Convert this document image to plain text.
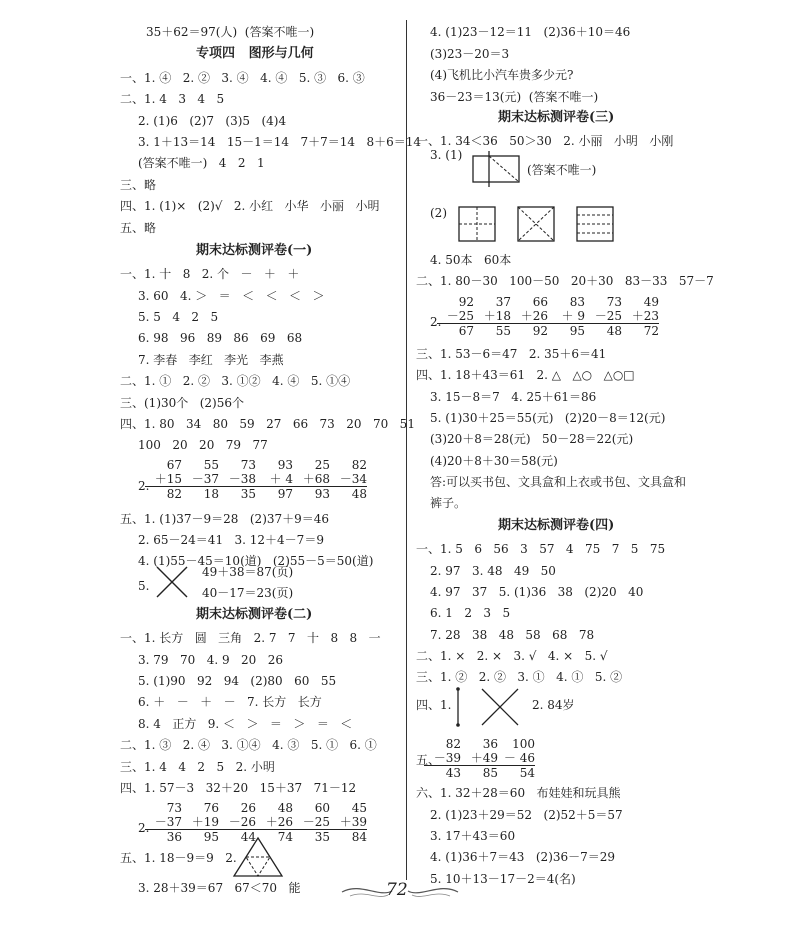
35＋62＝97(人)  (答案不唯一)
专项四   图形与几何
一、1. ④   2. ②   3. ④   4. ④   5. ③   6. ③
二、1. 4   3   4   5
2. (1)6   (2)7   (3)5   (4)4
3. 1＋13＝14   15－1＝14   7＋7＝14   8＋6＝14
(答案不唯一)   4   2   1
三、略
四、1. (1)×   (2)√   2. 小红   小华   小丽   小明
五、略
期末达标测评卷(一)
一、1. 十   8   2. 个   －   ＋   ＋
3. 60   4. ＞   ＝   ＜   ＜   ＜   ＞
5. 5   4   2   5
6. 98   96   89   86   69   68
7. 李春   李红   李光   李燕
二、1. ①   2. ②   3. ①②   4. ④   5. ①④
三、(1)30个   (2)56个
四、1. 80   34   80   59   27   66   73   20   70   51
100   20   20   79   77
2.
67	55	73	93	25	82
＋15 －37 －38	＋ 4 ＋68 －34
82	18	35	97	93	48
五、1. (1)37－9＝28   (2)37＋9＝46
2. 65－24＝41   3. 12＋4－7＝9
4. (1)55－45＝10(道)   (2)55－5＝50(道)
5.
49＋38＝87(页)
40－17＝23(页)
期末达标测评卷(二)
一、1. 长方   圆   三角   2. 7   7   十   8   8   一
3. 79   70   4. 9   20   26
5. (1)90   92   94   (2)80   60   55
6. ＋   －   ＋   －   7. 长方   长方
8. 4   正方   9. ＜   ＞   ＝   ＞   ＝   ＜
二、1. ③   2. ④   3. ①④   4. ③   5. ①   6. ①
三、1. 4   4   2   5   2. 小明
四、1. 57－3   32＋20   15＋37   71－12
2.
73	76	26	48	60	45
－37 ＋19 －26 ＋26 －25 ＋39
36	95	44	74	35	84
五、1. 18－9＝9   2.
3. 28＋39＝67   67＜70   能
4. (1)23－12＝11   (2)36＋10＝46
(3)23－20＝3
(4)飞机比小汽车贵多少元?
36－23＝13(元)  (答案不唯一)
期末达标测评卷(三)
一、1. 34＜36   50＞30   2. 小丽   小明   小刚
3. (1)
(答案不唯一)
(2)
4. 50本   60本
二、1. 80－30   100－50   20＋30   83－33   57－7
2.
92	37	66	83	73	49
－25 ＋18 ＋26	＋ 9 －25 ＋23
67	55	92	95	48	72
三、1. 53－6＝47   2. 35＋6＝41
四、1. 18＋43＝61   2. △   △○   △○□
3. 15－8＝7   4. 25＋61＝86
5. (1)30＋25＝55(元)   (2)20－8＝12(元)
(3)20＋8＝28(元)   50－28＝22(元)
(4)20＋8＋30＝58(元)
答:可以买书包、文具盒和上衣或书包、文具盒和
裤子。
期末达标测评卷(四)
一、1. 5   6   56   3   57   4   75   7   5   75
2. 97   3. 48   49   50
4. 97   37   5. (1)36   38   (2)20   40
6. 1   2   3   5
7. 28   38   48   58   68   78
二、1. ×   2. ×   3. √   4. ×   5. √
三、1. ②   2. ②   3. ①   4. ①   5. ②
四、1.	2. 84岁
五、
82	36	100
－39 ＋49 － 46
43	85	54
六、1. 32＋28＝60   布娃娃和玩具熊
2. (1)23＋29＝52   (2)52＋5＝57
3. 17＋43＝60
4. (1)36＋7＝43   (2)36－7＝29
5. 10＋13－17－2＝4(名)
72
